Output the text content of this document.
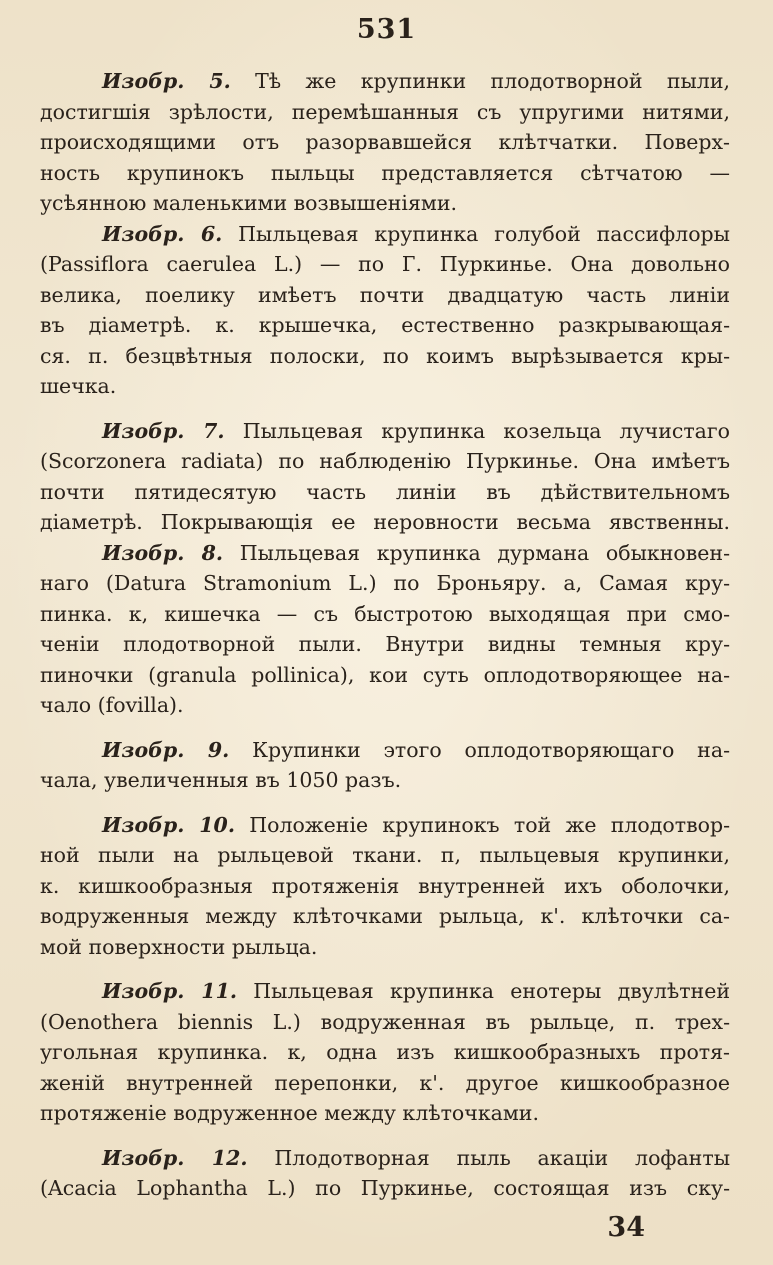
531

Изобр. 5. Тѣ же крупинки плодотворной пыли,
достигшія зрѣлости, перемѣшанныя съ упругими нитями,
происходящими отъ разорвавшейся клѣтчатки. Поверх-
ность крупинокъ пыльцы представляется сѣтчатою —
усѣянною маленькими возвышеніями.

Изобр. 6. Пыльцевая крупинка голубой пассифлоры
(Passiflora caerulea L.) — по Г. Пуркинье. Она довольно
велика, поелику имѣетъ почти двадцатую часть линіи
въ діаметрѣ. к. крышечка, естественно разкрывающая-
ся. п. безцвѣтныя полоски, по коимъ вырѣзывается кры-
шечка.

Изобр. 7. Пыльцевая крупинка козельца лучистаго
(Scorzonera radiata) по наблюденію Пуркинье. Она имѣетъ
почти пятидесятую часть линіи въ дѣйствительномъ
діаметрѣ. Покрывающія ее неровности весьма явственны.

Изобр. 8. Пыльцевая крупинка дурмана обыкновен-
наго (Datura Stramonium L.) по Броньяру. а, Самая кру-
пинка. к, кишечка — съ быстротою выходящая при смо-
ченіи плодотворной пыли. Внутри видны темныя кру-
пиночки (granula pollinica), кои суть оплодотворяющее на-
чало (fovilla).

Изобр. 9. Крупинки этого оплодотворяющаго на-
чала, увеличенныя въ 1050 разъ.

Изобр. 10. Положеніе крупинокъ той же плодотвор-
ной пыли на рыльцевой ткани. п, пыльцевыя крупинки,
к. кишкообразныя протяженія внутренней ихъ оболочки,
водруженныя между клѣточками рыльца, к'. клѣточки са-
мой поверхности рыльца.

Изобр. 11. Пыльцевая крупинка енотеры двулѣтней
(Oenothera biennis L.) водруженная въ рыльце, п. трех-
угольная крупинка. к, одна изъ кишкообразныхъ протя-
женій внутренней перепонки, к'. другое кишкообразное
протяженіе водруженное между клѣточками.

Изобр. 12. Плодотворная пыль акаціи лофанты
(Acacia Lophantha L.) по Пуркинье, состоящая изъ ску-

34
